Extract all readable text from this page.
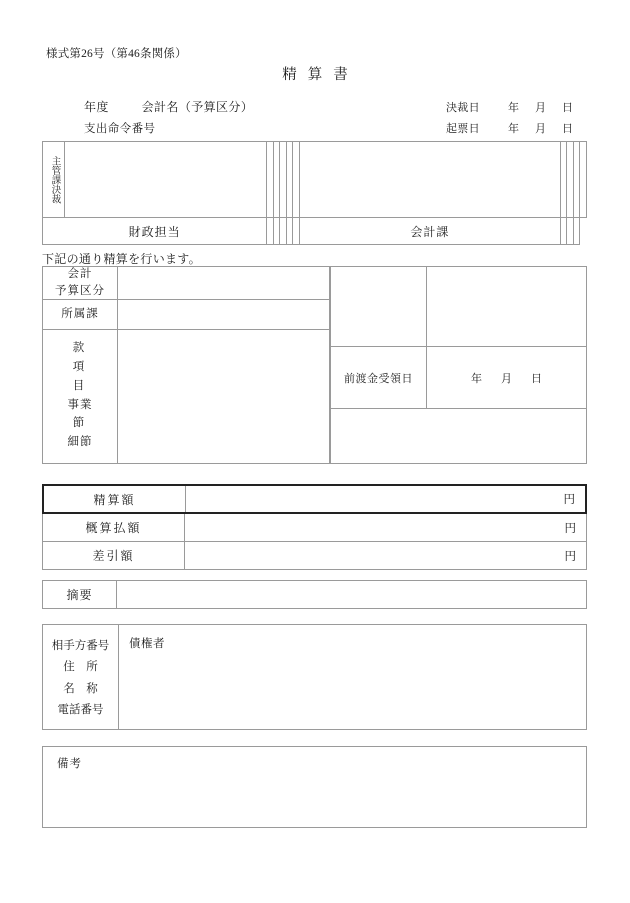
様式第26号（第46条関係）
精算書
年度	会計名（予算区分）
支出命令番号
決裁日	年 月 日
起票日	年 月 日
主管課決裁											

財政担当							会計課				
下記の通り精算を行います。
会計
予算区分
所属課
款
項
目
事業
節
細節
前渡金受領日	年	月	日
精算額	円
概算払額	円
差引額	円
摘要
相手方番号
住　所
名　称
電話番号
債権者
備考
